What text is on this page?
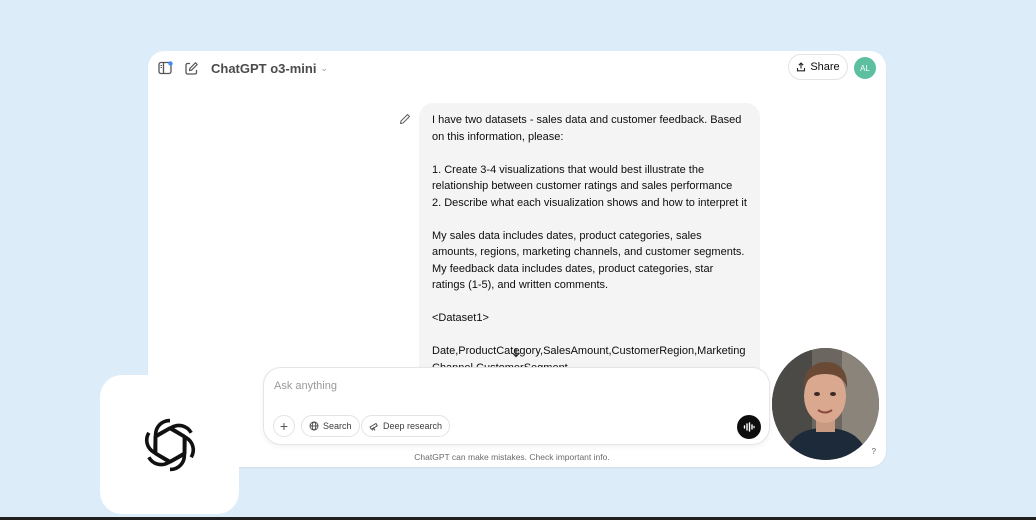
ChatGPT o3-mini ⌄	Share	AL

I have two datasets - sales data and customer feedback. Based on this information, please:

1. Create 3-4 visualizations that would best illustrate the relationship between customer ratings and sales performance
2. Describe what each visualization shows and how to interpret it

My sales data includes dates, product categories, sales amounts, regions, marketing channels, and customer segments. My feedback data includes dates, product categories, star ratings (1-5), and written comments.

<Dataset1>

Date,ProductCategory,SalesAmount,CustomerRegion,Marketing

Ask anything
+	Search	Deep research
ChatGPT can make mistakes. Check important info.
?
